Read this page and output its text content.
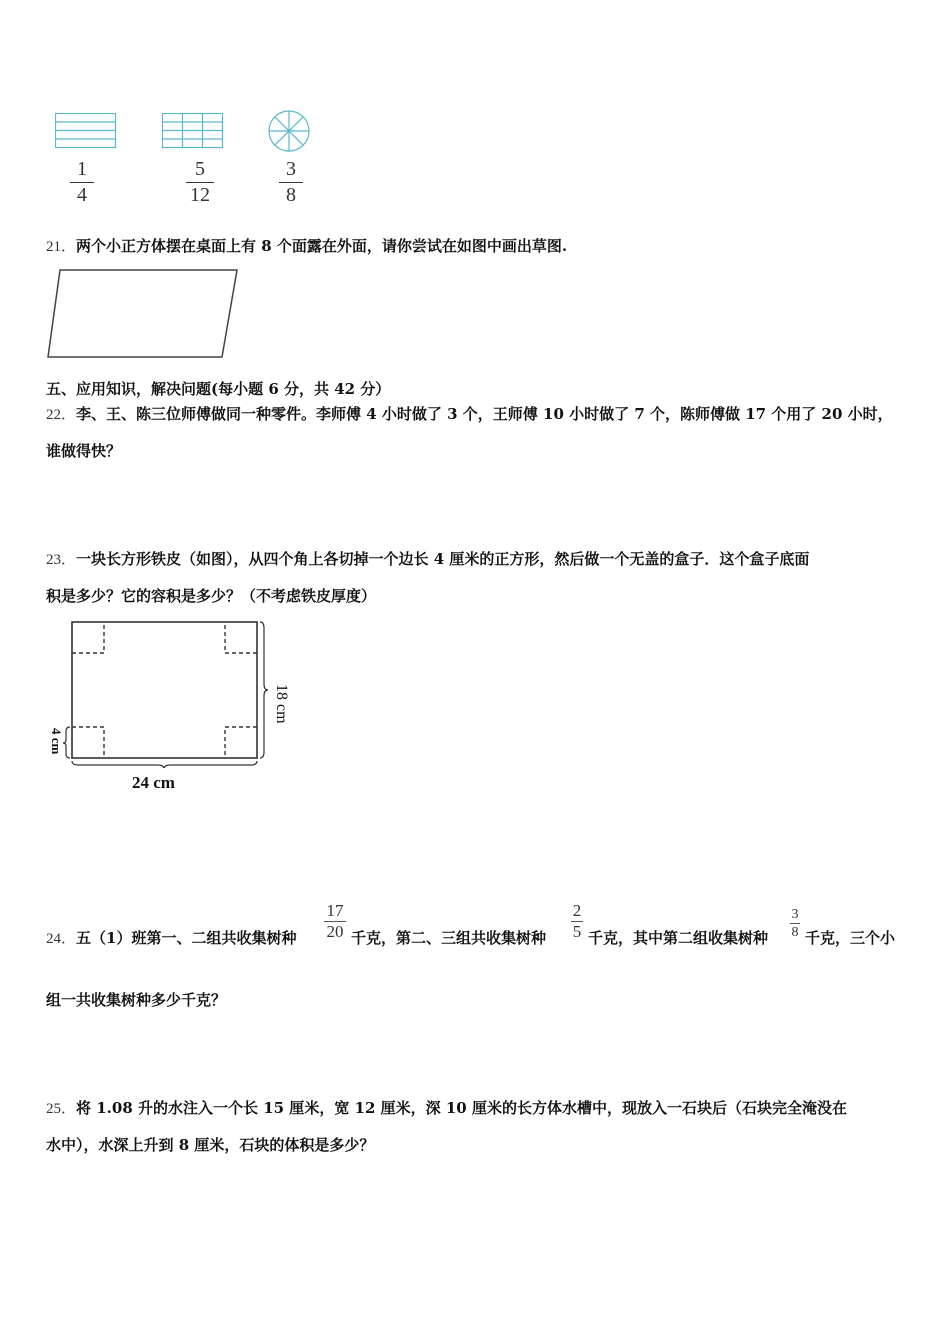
1
4
5
12
3
8
21．两个小正方体摆在桌面上有 8 个面露在外面，请你尝试在如图中画出草图.
五、应用知识，解决问题(每小题 6 分，共 42 分）
22．李、王、陈三位师傅做同一种零件。李师傅 4 小时做了 3 个，王师傅 10 小时做了 7 个，陈师傅做 17 个用了 20 小时，
谁做得快？
23．一块长方形铁皮（如图），从四个角上各切掉一个边长 4 厘米的正方形，然后做一个无盖的盒子．这个盒子底面
积是多少？它的容积是多少？（不考虑铁皮厚度）
18 cm
4 cm
24 cm
24．五（1）班第一、二组共收集树种
17
20 千克，第二、三组共收集树种
2
5 千克，其中第二组收集树种
3
8 千克，三个小
组一共收集树种多少千克？
25．将 1.08 升的水注入一个长 15 厘米，宽 12 厘米，深 10 厘米的长方体水槽中，现放入一石块后（石块完全淹没在
水中），水深上升到 8 厘米，石块的体积是多少？
